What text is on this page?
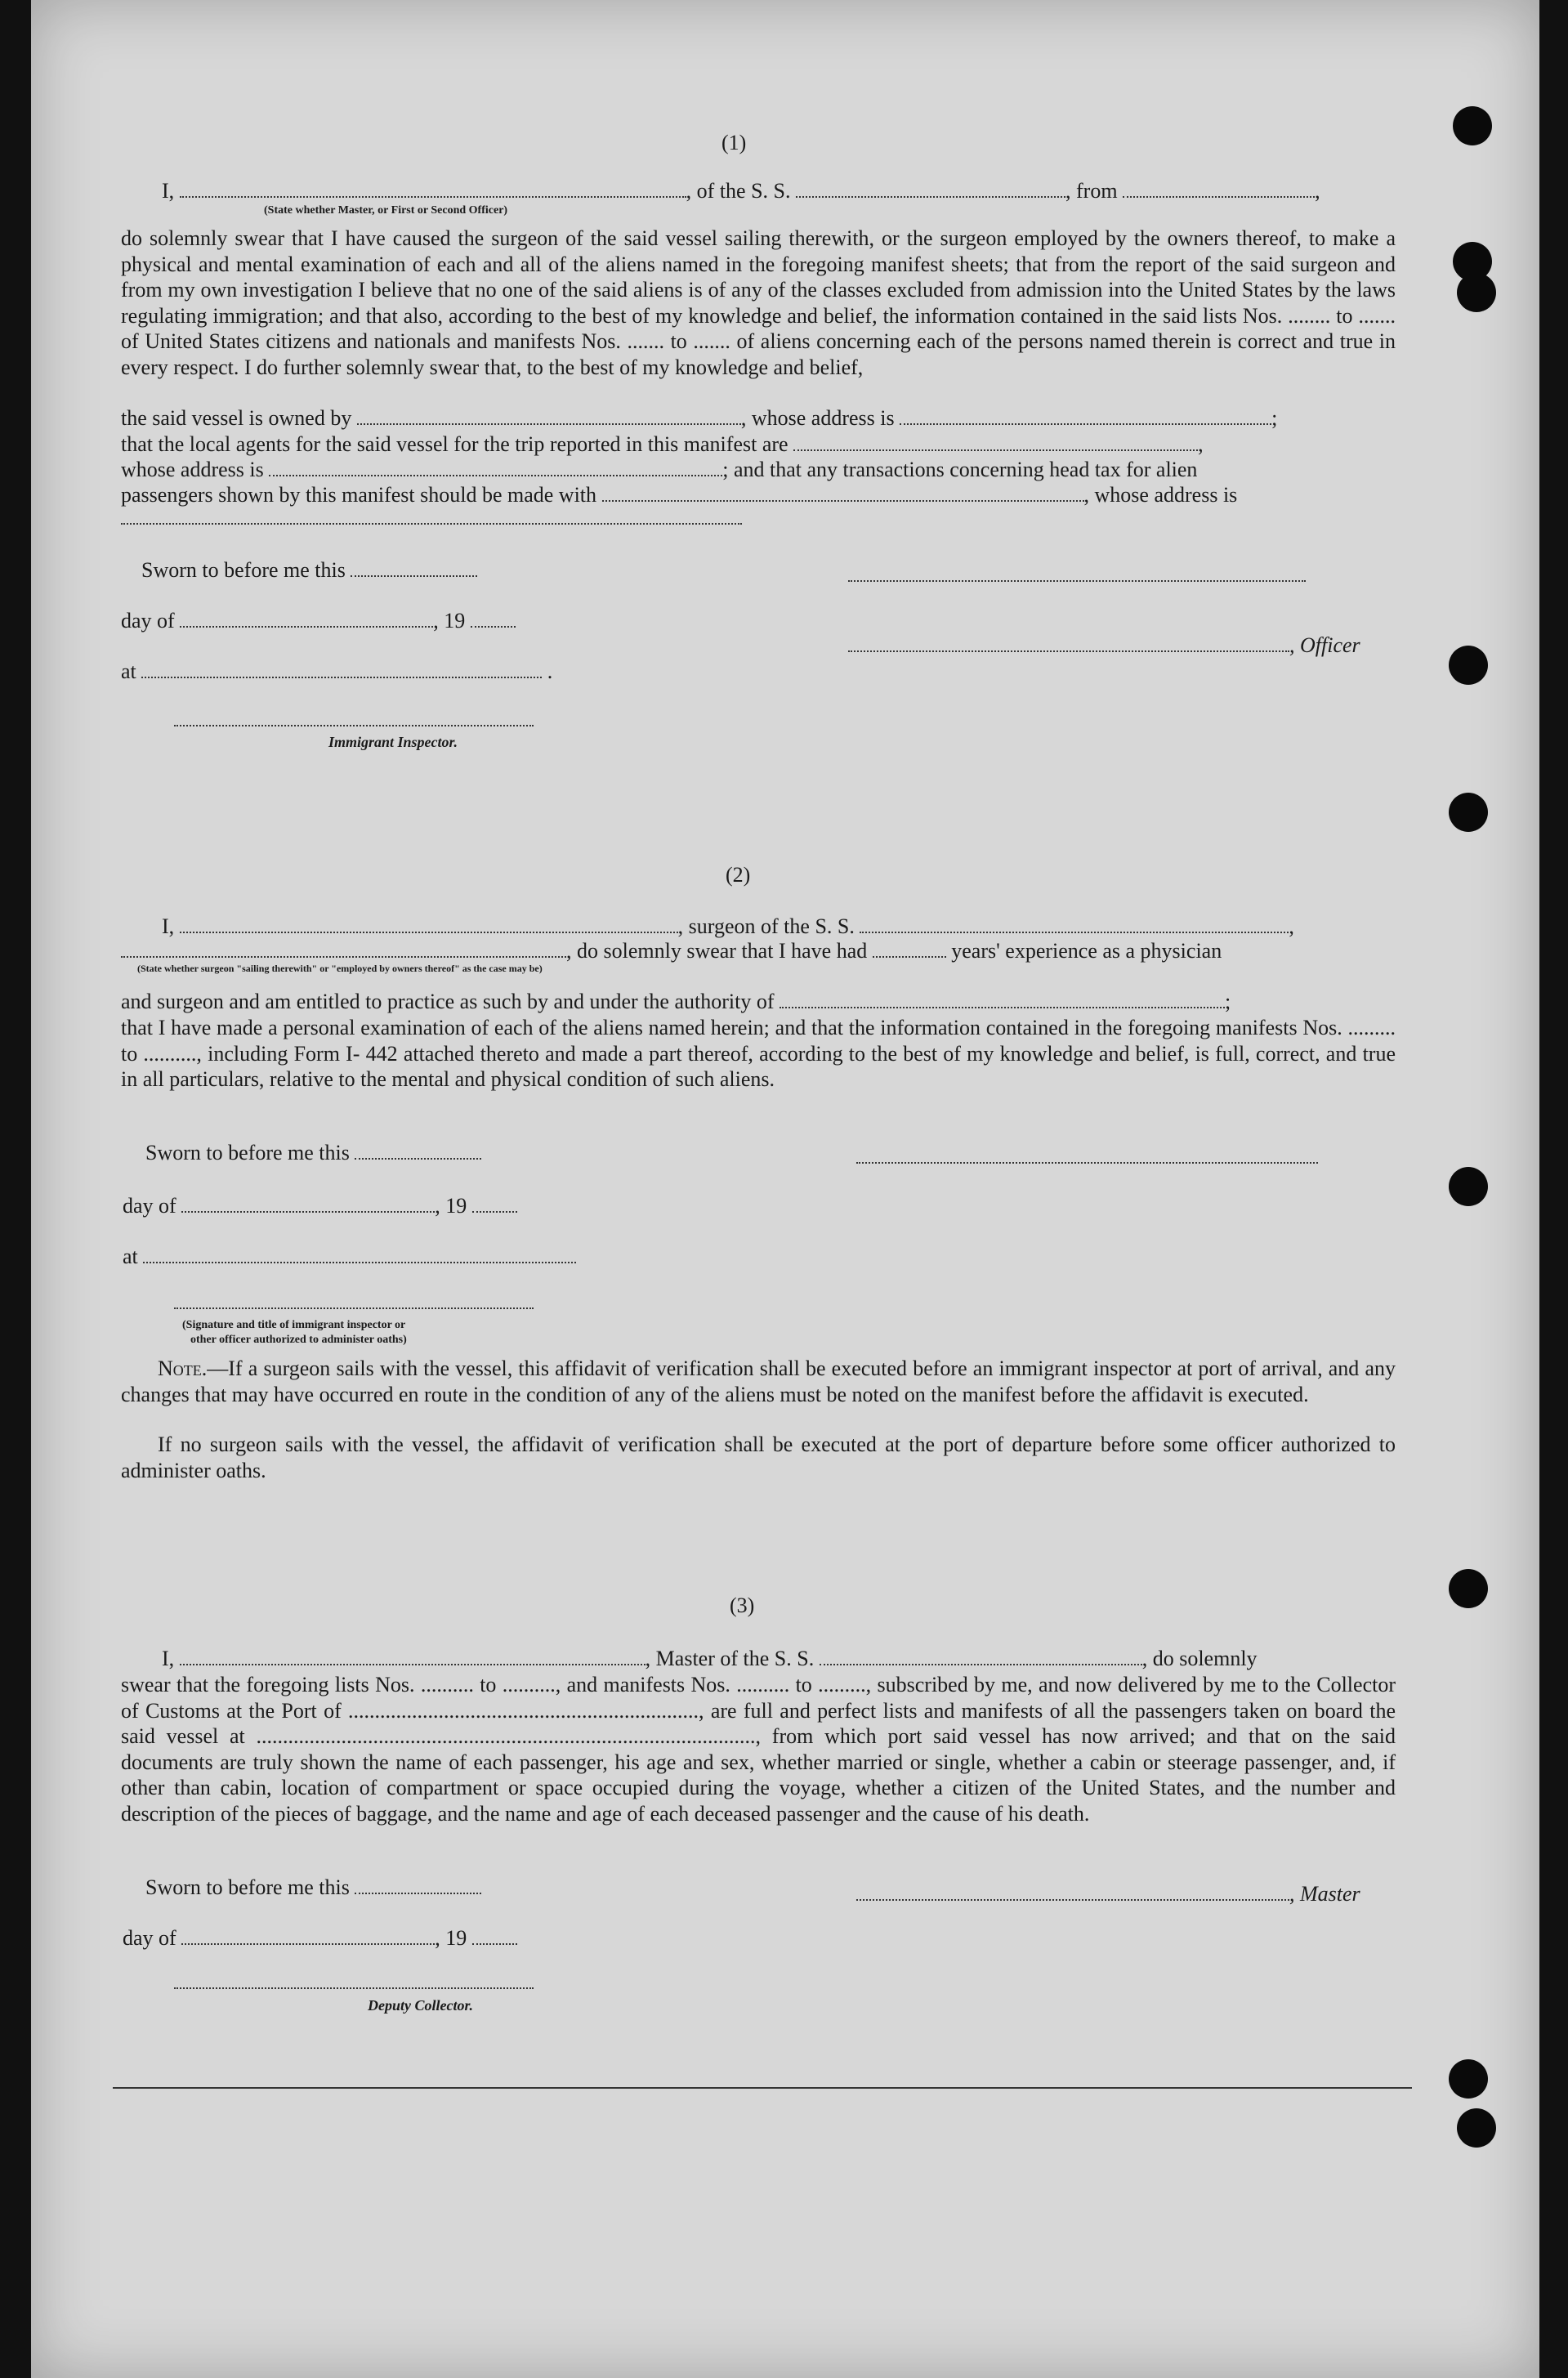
(1)
I,	, of the S. S.	, from	,
(State whether Master, or First or Second Officer)

do solemnly swear that I have caused the surgeon of the said vessel sailing therewith, or the surgeon employed by the owners thereof, to make a physical and mental examination of each and all of the aliens named in the foregoing manifest sheets; that from the report of the said surgeon and from my own investigation I believe that no one of the said aliens is of any of the classes excluded from admission into the United States by the laws regulating immigration; and that also, according to the best of my knowledge and belief, the information contained in the said lists Nos. ........ to ....... of United States citizens and nationals and manifests Nos. ....... to ....... of aliens concerning each of the persons named therein is correct and true in every respect. I do further solemnly swear that, to the best of my knowledge and belief,

the said vessel is owned by	, whose address is	;
that the local agents for the said vessel for the trip reported in this manifest are	,
whose address is	; and that any transactions concerning head tax for alien
passengers shown by this manifest should be made with	, whose address is
Sworn to before me this
day of	, 19
, Officer
at	.
Immigrant Inspector.
(2)
I,	, surgeon of the S. S.	,
, do solemnly swear that I have had	years' experience as a physician
(State whether surgeon "sailing therewith" or "employed by owners thereof" as the case may be)
and surgeon and am entitled to practice as such by and under the authority of	;

that I have made a personal examination of each of the aliens named herein; and that the information contained in the foregoing manifests Nos. ......... to .........., including Form I- 442 attached thereto and made a part thereof, according to the best of my knowledge and belief, is full, correct, and true in all particulars, relative to the mental and physical condition of such aliens.

Sworn to before me this
day of	, 19
at
(Signature and title of immigrant inspector or
other officer authorized to administer oaths)

Note.—If a surgeon sails with the vessel, this affidavit of verification shall be executed before an immigrant inspector at port of arrival, and any changes that may have occurred en route in the condition of any of the aliens must be noted on the manifest before the affidavit is executed.

If no surgeon sails with the vessel, the affidavit of verification shall be executed at the port of departure before some officer authorized to administer oaths.

(3)
I,	, Master of the S. S.	, do solemnly

swear that the foregoing lists Nos. .......... to .........., and manifests Nos. .......... to ........., subscribed by me, and now delivered by me to the Collector of Customs at the Port of .................................................................., are full and perfect lists and manifests of all the passengers taken on board the said vessel at .............................................................................................., from which port said vessel has now arrived; and that on the said documents are truly shown the name of each passenger, his age and sex, whether married or single, whether a cabin or steerage passenger, and, if other than cabin, location of compartment or space occupied during the voyage, whether a citizen of the United States, and the number and description of the pieces of baggage, and the name and age of each deceased passenger and the cause of his death.

Sworn to before me this	, Master
day of	, 19
Deputy Collector.
